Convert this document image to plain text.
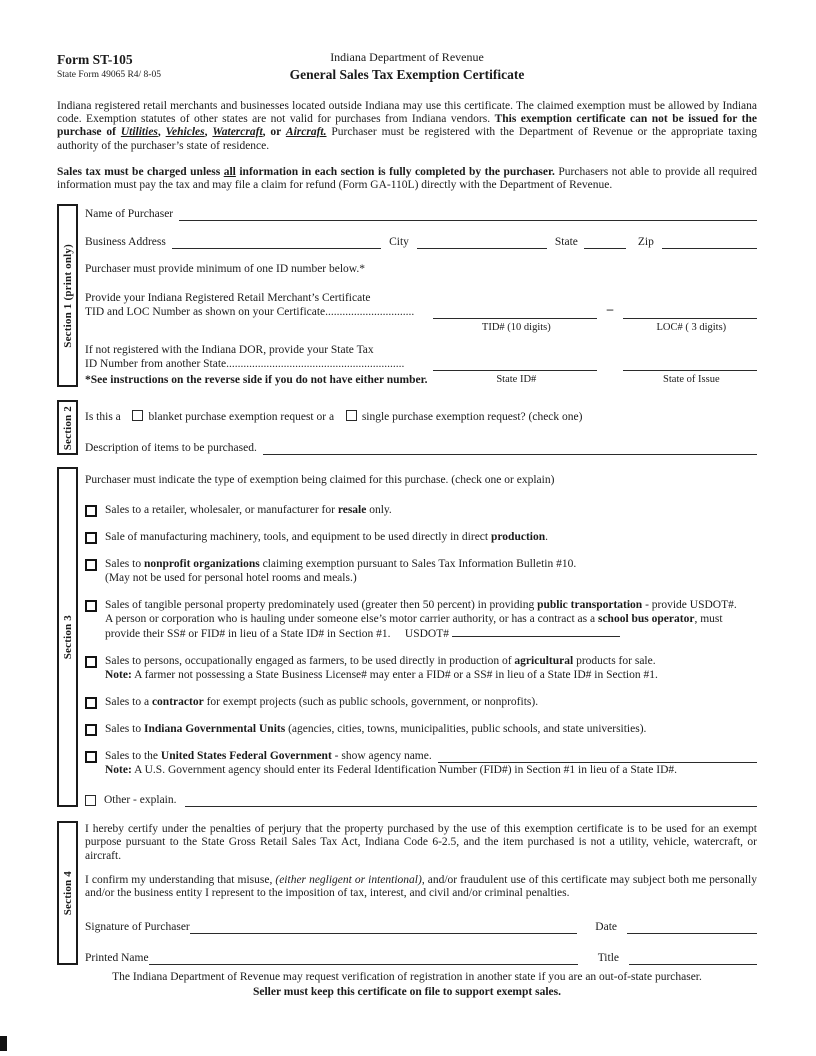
Form ST-105
State Form 49065 R4/ 8-05
Indiana Department of Revenue
General Sales Tax Exemption Certificate

Indiana registered retail merchants and businesses located outside Indiana may use this certificate. The claimed exemption must be allowed by Indiana code. Exemption statutes of other states are not valid for purchases from Indiana vendors. This exemption certificate can not be issued for the purchase of Utilities, Vehicles, Watercraft, or Aircraft. Purchaser must be registered with the Department of Revenue or the appropriate taxing authority of the purchaser’s state of residence.

Sales tax must be charged unless all information in each section is fully completed by the purchaser. Purchasers not able to provide all required information must pay the tax and may file a claim for refund (Form GA-110L) directly with the Department of Revenue.

Section 1 (print only)
Name of Purchaser
Business Address	City	State	Zip
Purchaser must provide minimum of one ID number below.*
Provide your Indiana Registered Retail Merchant’s Certificate
TID and LOC Number as shown on your Certificate...............................	–
TID# (10 digits)	LOC# ( 3 digits)
If not registered with the Indiana DOR, provide your State Tax
ID Number from another State..............................................................
*See instructions on the reverse side if you do not have either number.	State ID#	State of Issue
Section 2 Is this a blanket purchase exemption request or a single purchase exemption request? (check one)
Description of items to be purchased.
Section 3
Purchaser must indicate the type of exemption being claimed for this purchase. (check one or explain)
Sales to a retailer, wholesaler, or manufacturer for resale only.
Sale of manufacturing machinery, tools, and equipment to be used directly in direct production.
Sales to nonprofit organizations claiming exemption pursuant to Sales Tax Information Bulletin #10.
(May not be used for personal hotel rooms and meals.)
Sales of tangible personal property predominately used (greater then 50 percent) in providing public transportation - provide USDOT#.
A person or corporation who is hauling under someone else’s motor carrier authority, or has a contract as a school bus operator, must
provide their SS# or FID# in lieu of a State ID# in Section #1.  USDOT#
Sales to persons, occupationally engaged as farmers, to be used directly in production of agricultural products for sale.
Note: A farmer not possessing a State Business License# may enter a FID# or a SS# in lieu of a State ID# in Section #1.
Sales to a contractor for exempt projects (such as public schools, government, or nonprofits).
Sales to Indiana Governmental Units (agencies, cities, towns, municipalities, public schools, and state universities).
Sales to the United States Federal Government - show agency name.
Note: A U.S. Government agency should enter its Federal Identification Number (FID#) in Section #1 in lieu of a State ID#.
Other - explain.
Section 4

I hereby certify under the penalties of perjury that the property purchased by the use of this exemption certificate is to be used for an exempt purpose pursuant to the State Gross Retail Sales Tax Act, Indiana Code 6-2.5, and the item purchased is not a utility, vehicle, watercraft, or aircraft.

I confirm my understanding that misuse, (either negligent or intentional), and/or fraudulent use of this certificate may subject both me personally and/or the business entity I represent to the imposition of tax, interest, and civil and/or criminal penalties.

Signature of Purchaser	Date
Printed Name	Title
The Indiana Department of Revenue may request verification of registration in another state if you are an out-of-state purchaser.
Seller must keep this certificate on file to support exempt sales.
